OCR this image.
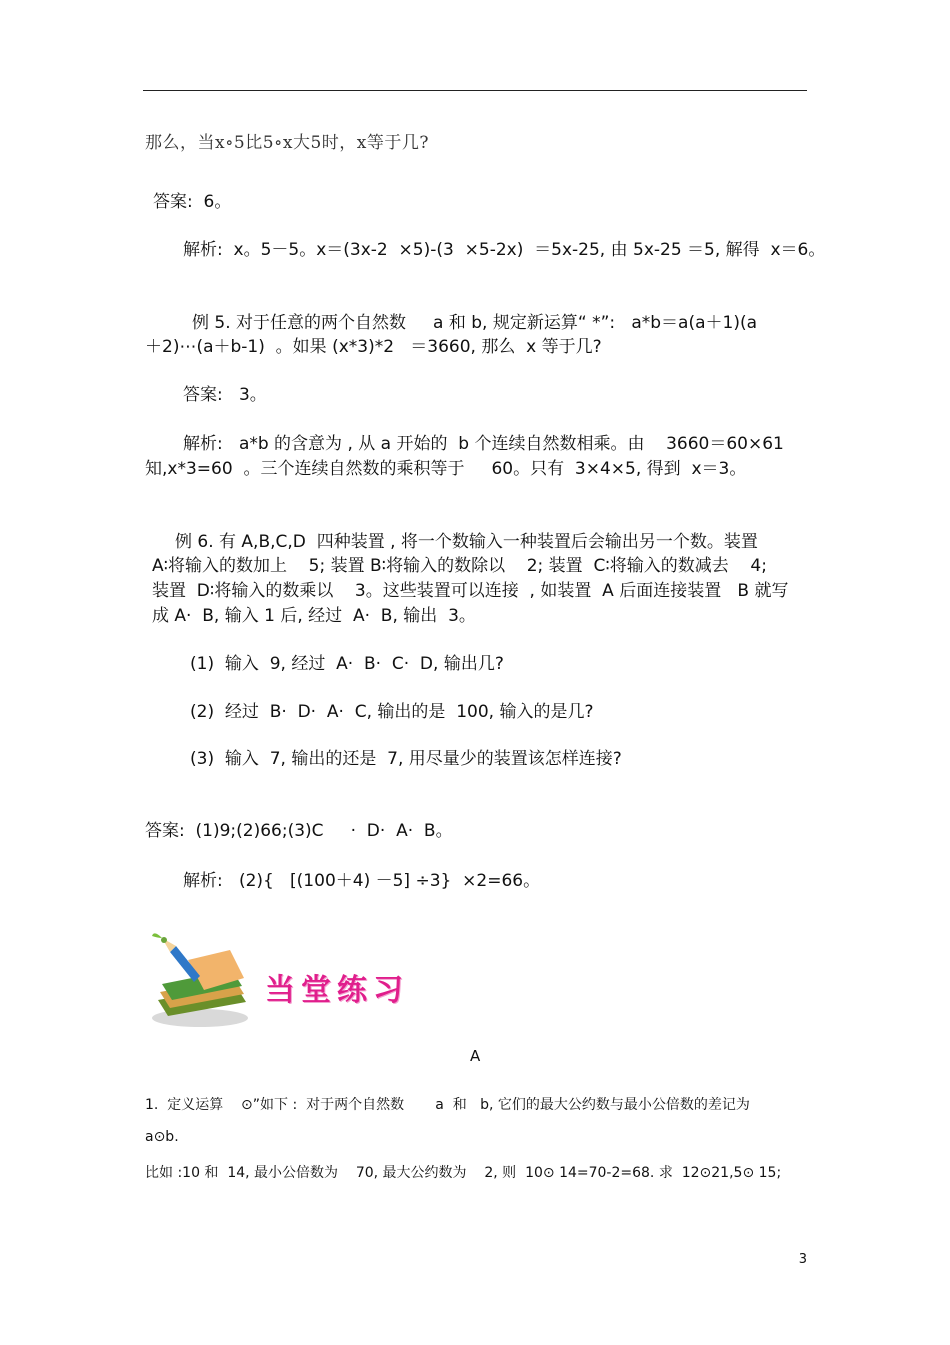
那么，当x∘5比5∘x大5时，x等于几?
答案:  6。
解析:  x。5－5。x＝(3x-2  ×5)-(3  ×5-2x)  ＝5x-25, 由 5x-25 ＝5, 解得  x＝6。
例 5. 对于任意的两个自然数     a 和 b, 规定新运算“ *”:   a*b＝a(a＋1)(a
＋2)⋯(a＋b-1)  。如果 (x*3)*2   ＝3660, 那么  x 等于几?
答案:   3。
解析:   a*b 的含意为 , 从 a 开始的  b 个连续自然数相乘。由    3660＝60×61
知,x*3=60  。三个连续自然数的乘积等于     60。只有  3×4×5, 得到  x＝3。
例 6. 有 A,B,C,D  四种装置 , 将一个数输入一种装置后会输出另一个数。装置
A∶将输入的数加上    5; 装置 B∶将输入的数除以    2; 装置  C∶将输入的数减去    4;
装置  D∶将输入的数乘以    3。这些装置可以连接  , 如装置  A 后面连接装置   B 就写
成 A·  B, 输入 1 后, 经过  A·  B, 输出  3。
(1)  输入  9, 经过  A·  B·  C·  D, 输出几?
(2)  经过  B·  D·  A·  C, 输出的是  100, 输入的是几?
(3)  输入  7, 输出的还是  7, 用尽量少的装置该怎样连接?
答案:  (1)9;(2)66;(3)C     ·  D·  A·  B。
解析:   (2){   [(100＋4) －5] ÷3}  ×2=66。
当堂练习
A
1.  定义运算    ⊙”如下 :  对于两个自然数       a  和   b, 它们的最大公约数与最小公倍数的差记为
a⊙b.
比如 :10 和  14, 最小公倍数为    70, 最大公约数为    2, 则  10⊙ 14=70-2=68. 求  12⊙21,5⊙ 15;
3
